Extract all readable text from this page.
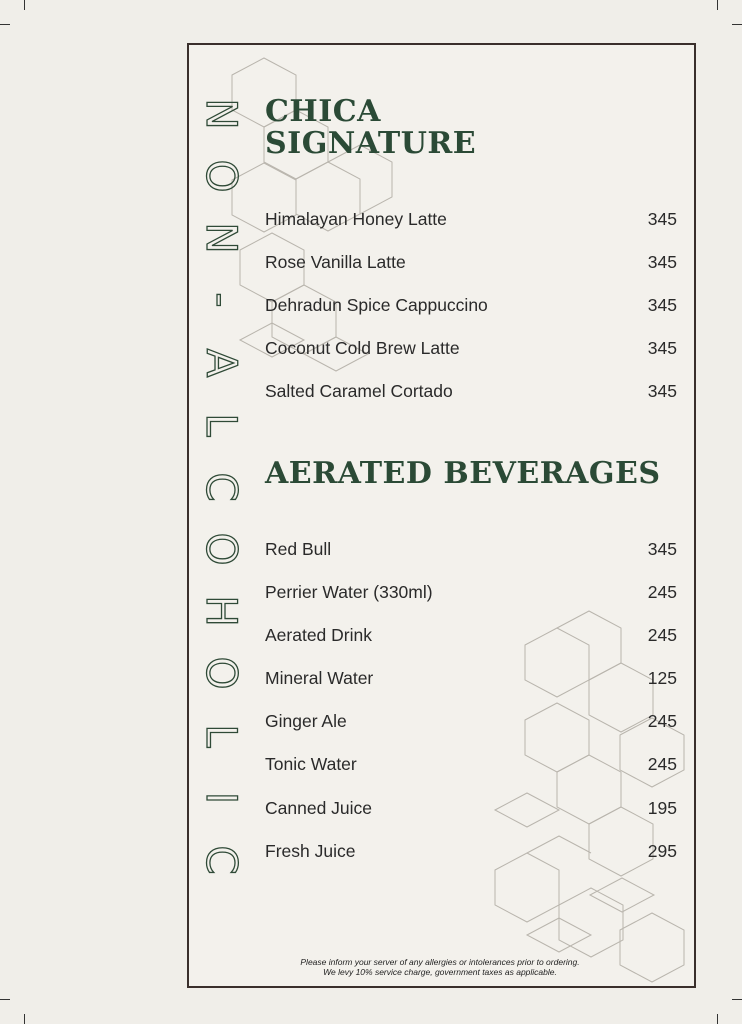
N
O
N
-
A
L
C
O
H
O
L
I
C
CHICA
SIGNATURE
Himalayan Honey Latte	345
Rose Vanilla Latte	345
Dehradun Spice Cappuccino	345
Coconut Cold Brew Latte	345
Salted Caramel Cortado	345
AERATED BEVERAGES
Red Bull	345
Perrier Water (330ml)	245
Aerated Drink	245
Mineral Water	125
Ginger Ale	245
Tonic Water	245
Canned Juice	195
Fresh Juice	295
Please inform your server of any allergies or intolerances prior to ordering.
We levy 10% service charge, government taxes as applicable.
